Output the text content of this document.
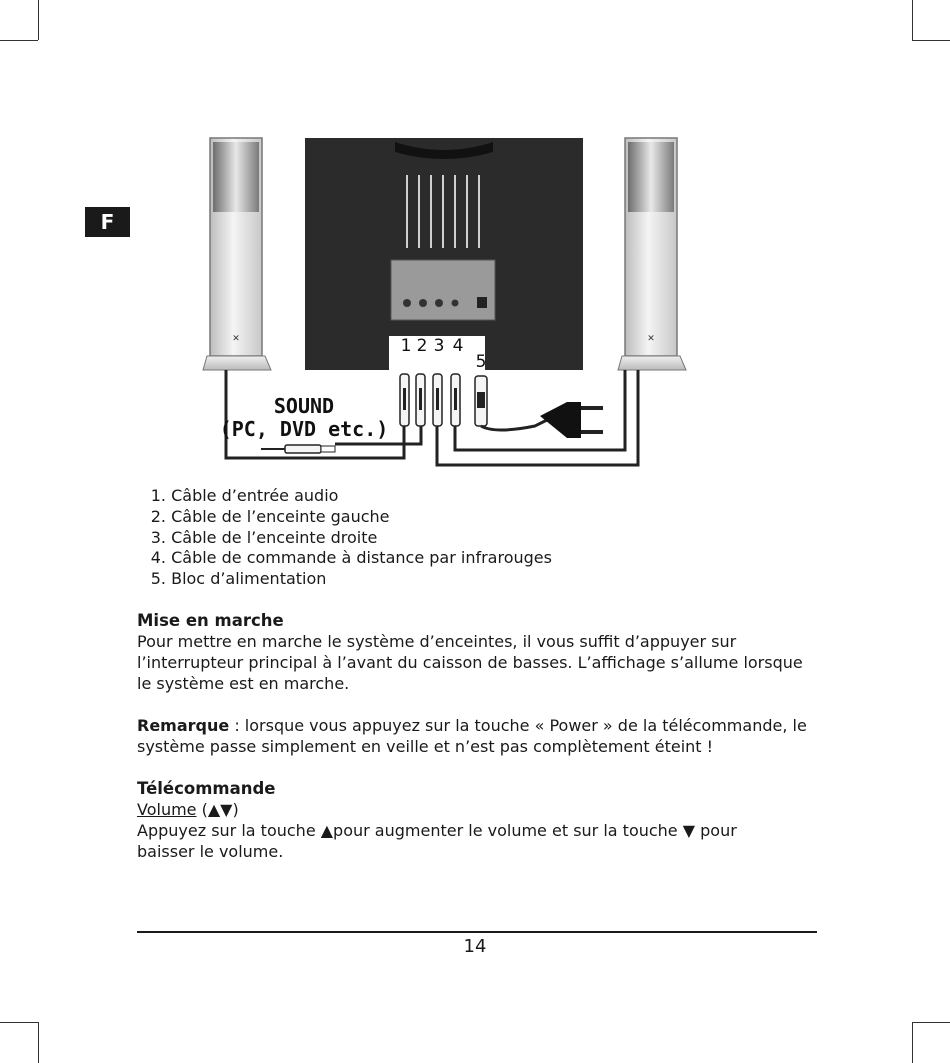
F
✕	✕
1 2 3 4
5
SOUND
(PC, DVD etc.)
1. Câble d’entrée audio
2. Câble de l’enceinte gauche
3. Câble de l’enceinte droite
4. Câble de commande à distance par infrarouges
5. Bloc d’alimentation
Mise en marche

Pour mettre en marche le système d’enceintes, il vous suffit d’appuyer sur

l’interrupteur principal à l’avant du caisson de basses. L’affichage s’allume lorsque

le système est en marche.

Remarque : lorsque vous appuyez sur la touche « Power » de la télécommande, le

système passe simplement en veille et n’est pas complètement éteint !

Télécommande

Volume (▲▼)

Appuyez sur la touche ▲pour augmenter le volume et sur la touche ▼ pour

baisser le volume.

14
